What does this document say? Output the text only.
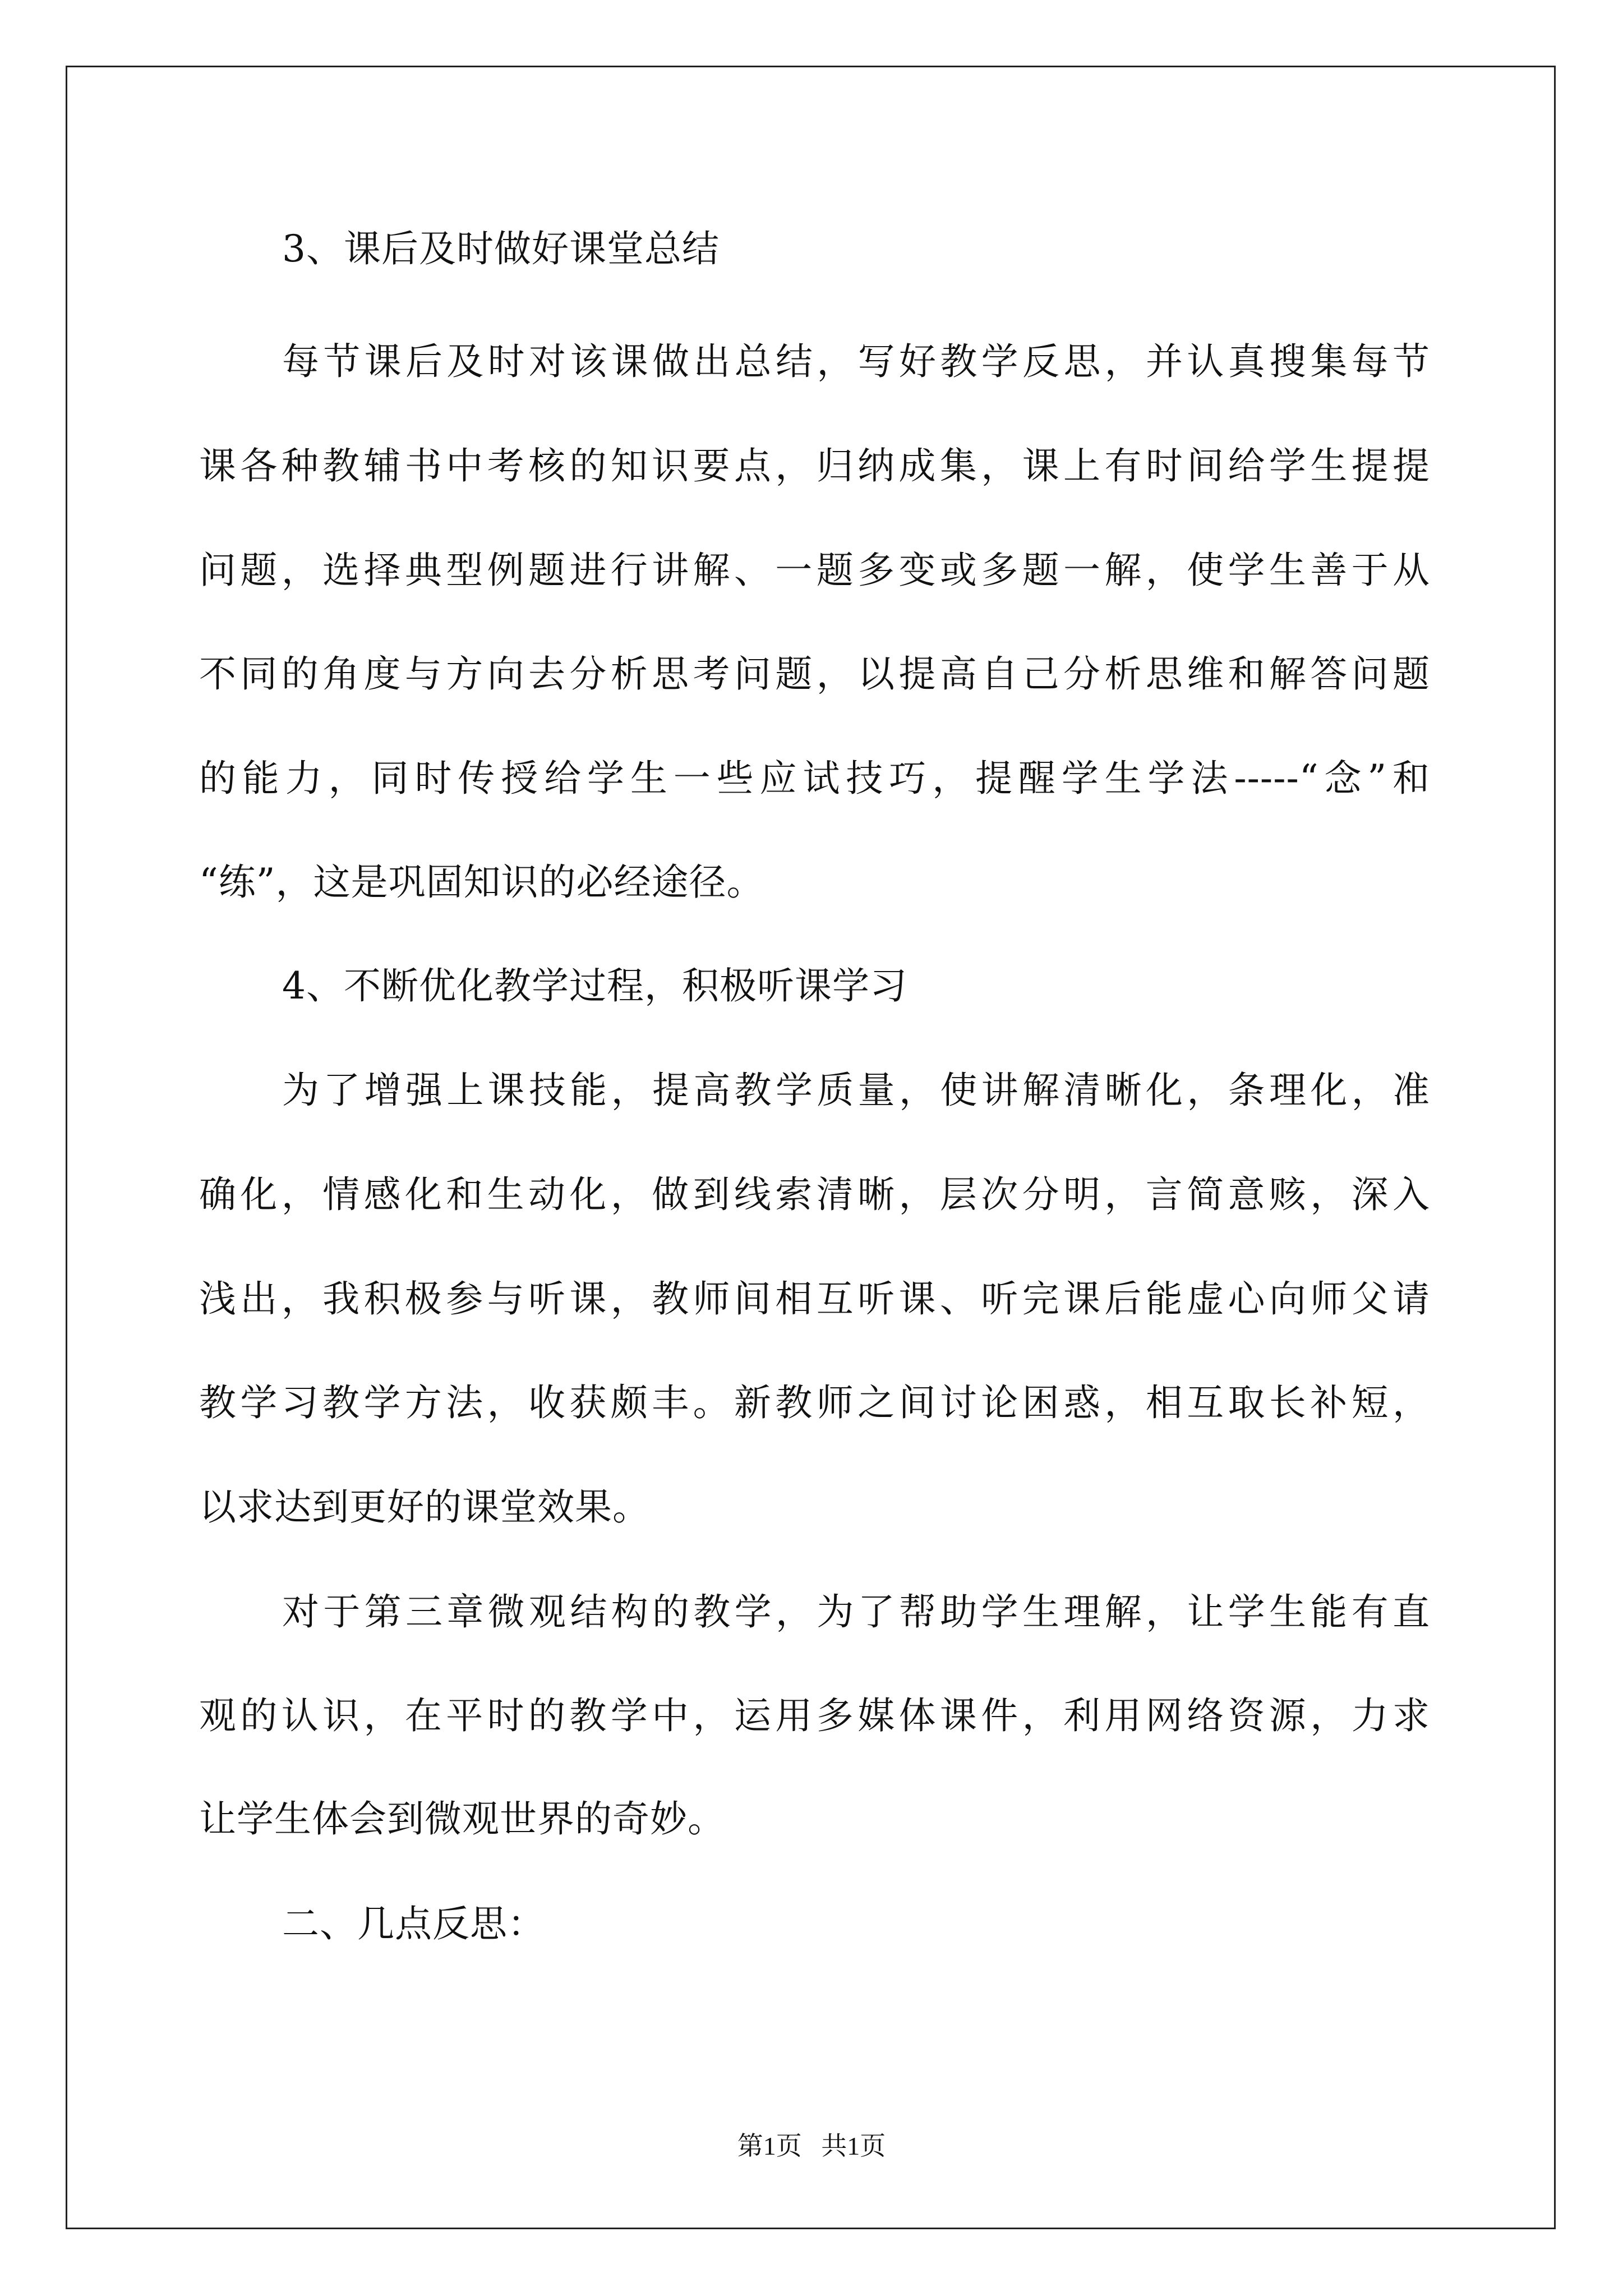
3、课后及时做好课堂总结
每节课后及时对该课做出总结，写好教学反思，并认真搜集每节
课各种教辅书中考核的知识要点，归纳成集，课上有时间给学生提提
问题，选择典型例题进行讲解、一题多变或多题一解，使学生善于从
不同的角度与方向去分析思考问题，以提高自己分析思维和解答问题
的能力，同时传授给学生一些应试技巧，提醒学生学法-----“念”和
“练”，这是巩固知识的必经途径。
4、不断优化教学过程，积极听课学习
为了增强上课技能，提高教学质量，使讲解清晰化，条理化，准
确化，情感化和生动化，做到线索清晰，层次分明，言简意赅，深入
浅出，我积极参与听课，教师间相互听课、听完课后能虚心向师父请
教学习教学方法，收获颇丰。新教师之间讨论困惑，相互取长补短，
以求达到更好的课堂效果。
对于第三章微观结构的教学，为了帮助学生理解，让学生能有直
观的认识，在平时的教学中，运用多媒体课件，利用网络资源，力求
让学生体会到微观世界的奇妙。
二、几点反思：
第1页   共1页
